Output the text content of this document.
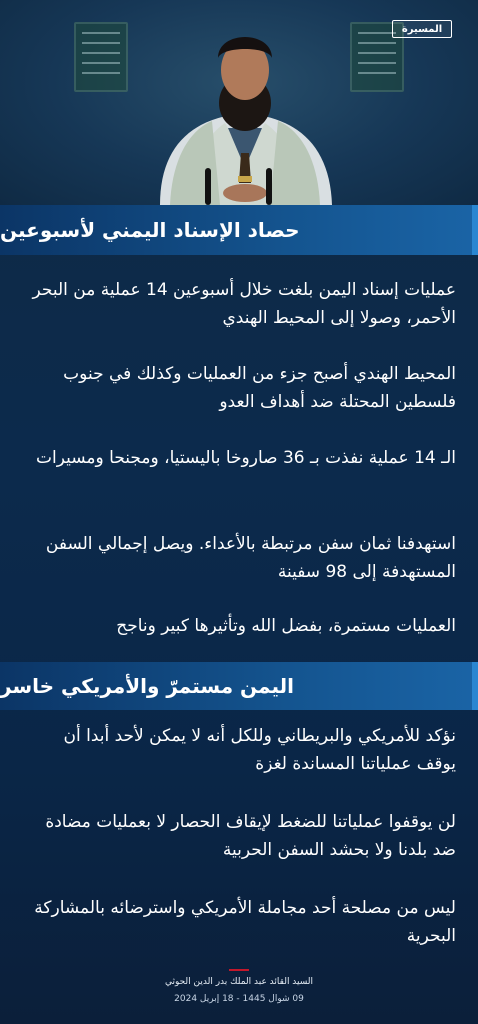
المسيرة
حصاد الإسناد اليمني لأسبوعين

عمليات إسناد اليمن بلغت خلال أسبوعين 14 عملية من البحر الأحمر، وصولا إلى المحيط الهندي

المحيط الهندي أصبح جزء من العمليات وكذلك في جنوب فلسطين المحتلة ضد أهداف العدو

الـ 14 عملية نفذت بـ 36 صاروخا باليستيا، ومجنحا ومسيرات

استهدفنا ثمان سفن مرتبطة بالأعداء. ويصل إجمالي السفن المستهدفة إلى 98 سفينة

العمليات مستمرة، بفضل الله وتأثيرها كبير وناجح

اليمن مستمرّ والأمريكي خاسر

نؤكد للأمريكي والبريطاني وللكل أنه لا يمكن لأحد أبدا أن يوقف عملياتنا المساندة لغزة

لن يوقفوا عملياتنا للضغط لإيقاف الحصار لا بعمليات مضادة ضد بلدنا ولا بحشد السفن الحربية

ليس من مصلحة أحد مجاملة الأمريكي واسترضائه بالمشاركة البحرية

السيد القائد عبد الملك بدر الدين الحوثي
09 شوال 1445 - 18 إبريل 2024
